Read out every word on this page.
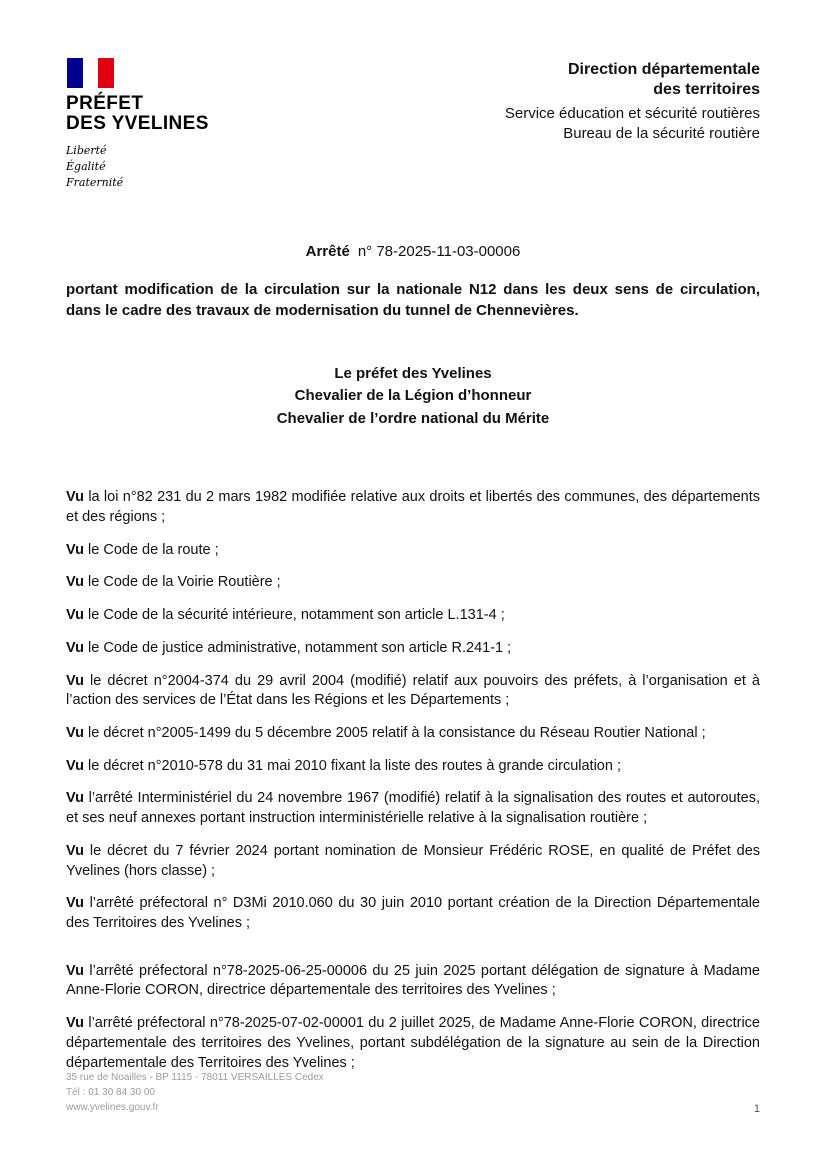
PRÉFET
DES YVELINES
Liberté
Égalité
Fraternité
Direction départementale
des territoires
Service éducation et sécurité routières
Bureau de la sécurité routière
Arrêté n° 78-2025-11-03-00006

portant modification de la circulation sur la nationale N12 dans les deux sens de circulation, dans le cadre des travaux de modernisation du tunnel de Chennevières.

Le préfet des Yvelines
Chevalier de la Légion d’honneur
Chevalier de l’ordre national du Mérite

Vu la loi n°82 231 du 2 mars 1982 modifiée relative aux droits et libertés des communes, des départements et des régions ;

Vu le Code de la route ;

Vu le Code de la Voirie Routière ;

Vu le Code de la sécurité intérieure, notamment son article L.131-4 ;

Vu le Code de justice administrative, notamment son article R.241-1 ;

Vu le décret n°2004-374 du 29 avril 2004 (modifié) relatif aux pouvoirs des préfets, à l’organisation et à l’action des services de l’État dans les Régions et les Départements ;

Vu le décret n°2005-1499 du 5 décembre 2005 relatif à la consistance du Réseau Routier National ;

Vu le décret n°2010-578 du 31 mai 2010 fixant la liste des routes à grande circulation ;

Vu l’arrêté Interministériel du 24 novembre 1967 (modifié) relatif à la signalisation des routes et autoroutes, et ses neuf annexes portant instruction interministérielle relative à la signalisation routière ;

Vu le décret du 7 février 2024 portant nomination de Monsieur Frédéric ROSE, en qualité de Préfet des Yvelines (hors classe) ;

Vu l’arrêté préfectoral n° D3Mi 2010.060 du 30 juin 2010 portant création de la Direction Départementale des Territoires des Yvelines ;

Vu l’arrêté préfectoral n°78-2025-06-25-00006 du 25 juin 2025 portant délégation de signature à Madame Anne-Florie CORON, directrice départementale des territoires des Yvelines ;

Vu l’arrêté préfectoral n°78-2025-07-02-00001 du 2 juillet 2025, de Madame Anne-Florie CORON, directrice départementale des territoires des Yvelines, portant subdélégation de la signature au sein de la Direction départementale des Territoires des Yvelines ;

35 rue de Noailles - BP 1115 - 78011 VERSAILLES Cedex
Tél : 01 30 84 30 00
www.yvelines.gouv.fr	1
